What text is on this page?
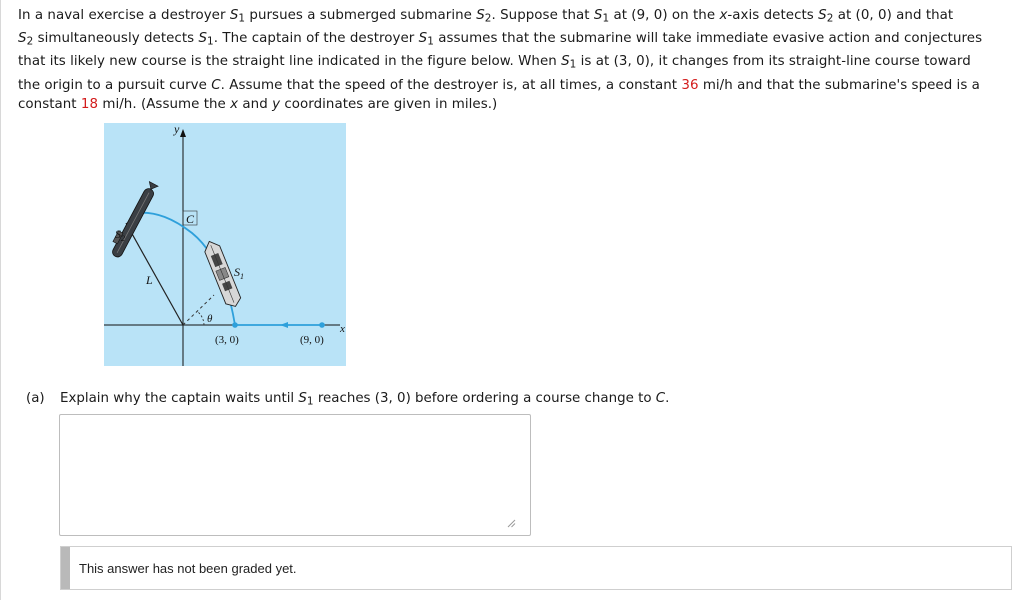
In a naval exercise a destroyer $S_1$ pursues a submerged submarine $S_2$. Suppose that $S_1$ at (9, 0) on the x-axis detects $S_2$ at (0, 0) and that
$S_2$ simultaneously detects $S_1$. The captain of the destroyer $S_1$ assumes that the submarine will take immediate evasive action and conjectures
that its likely new course is the straight line indicated in the figure below. When $S_1$ is at (3, 0), it changes from its straight-line course toward
the origin to a pursuit curve C. Assume that the speed of the destroyer is, at all times, a constant 36 mi/h and that the submarine's speed is a
constant 18 mi/h. (Assume the x and y coordinates are given in miles.)
y
x
L
θ
C
(3, 0)	(9, 0)
$S_2$
$S_1$
(a) Explain why the captain waits until $S_1$ reaches (3, 0) before ordering a course change to C.
This answer has not been graded yet.
